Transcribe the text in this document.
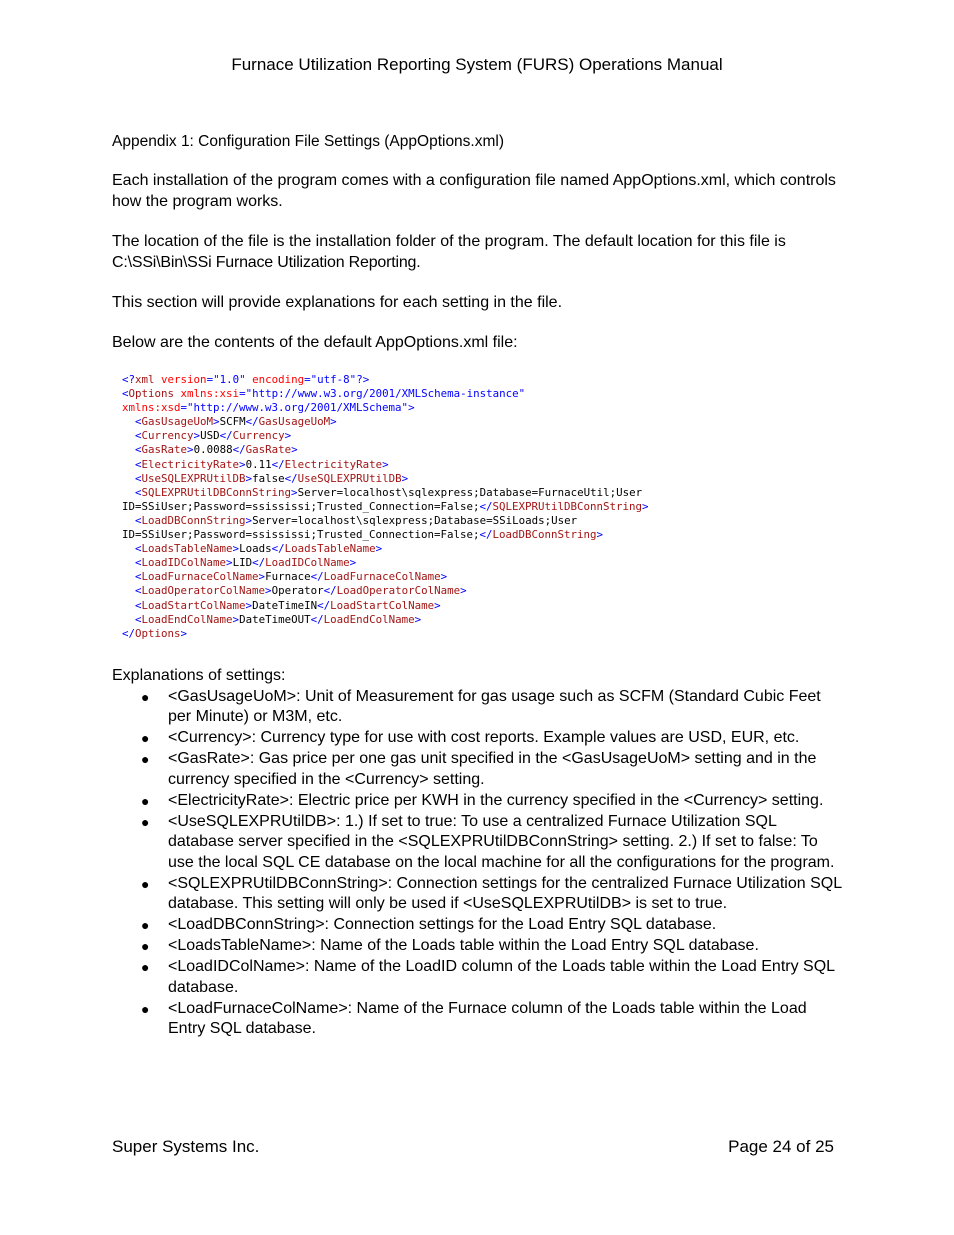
Furnace Utilization Reporting System (FURS) Operations Manual
Appendix 1: Configuration File Settings (AppOptions.xml)

Each installation of the program comes with a configuration file named AppOptions.xml, which controls how the program works.

The location of the file is the installation folder of the program. The default location for this file is C:\SSi\Bin\SSi Furnace Utilization Reporting.

This section will provide explanations for each setting in the file.

Below are the contents of the default AppOptions.xml file:

<?xml version="1.0" encoding="utf-8"?>
<Options xmlns:xsi="http://www.w3.org/2001/XMLSchema-instance"
xmlns:xsd="http://www.w3.org/2001/XMLSchema">
<GasUsageUoM>SCFM</GasUsageUoM>
<Currency>USD</Currency>
<GasRate>0.0088</GasRate>
<ElectricityRate>0.11</ElectricityRate>
<UseSQLEXPRUtilDB>false</UseSQLEXPRUtilDB>
<SQLEXPRUtilDBConnString>Server=localhost\sqlexpress;Database=FurnaceUtil;User
ID=SSiUser;Password=ssississi;Trusted_Connection=False;</SQLEXPRUtilDBConnString>
<LoadDBConnString>Server=localhost\sqlexpress;Database=SSiLoads;User
ID=SSiUser;Password=ssississi;Trusted_Connection=False;</LoadDBConnString>
<LoadsTableName>Loads</LoadsTableName>
<LoadIDColName>LID</LoadIDColName>
<LoadFurnaceColName>Furnace</LoadFurnaceColName>
<LoadOperatorColName>Operator</LoadOperatorColName>
<LoadStartColName>DateTimeIN</LoadStartColName>
<LoadEndColName>DateTimeOUT</LoadEndColName>
</Options>
Explanations of settings:
● <GasUsageUoM>: Unit of Measurement for gas usage such as SCFM (Standard Cubic Feet per Minute) or M3M, etc.
● <Currency>: Currency type for use with cost reports. Example values are USD, EUR, etc.
● <GasRate>: Gas price per one gas unit specified in the <GasUsageUoM> setting and in the currency specified in the <Currency> setting.
● <ElectricityRate>: Electric price per KWH in the currency specified in the <Currency> setting.
● <UseSQLEXPRUtilDB>: 1.) If set to true: To use a centralized Furnace Utilization SQL database server specified in the <SQLEXPRUtilDBConnString> setting. 2.) If set to false: To use the local SQL CE database on the local machine for all the configurations for the program.
● <SQLEXPRUtilDBConnString>: Connection settings for the centralized Furnace Utilization SQL database. This setting will only be used if <UseSQLEXPRUtilDB> is set to true.
● <LoadDBConnString>: Connection settings for the Load Entry SQL database.
● <LoadsTableName>: Name of the Loads table within the Load Entry SQL database.
● <LoadIDColName>: Name of the LoadID column of the Loads table within the Load Entry SQL database.
● <LoadFurnaceColName>: Name of the Furnace column of the Loads table within the Load Entry SQL database.
Super Systems Inc.	Page 24 of 25
